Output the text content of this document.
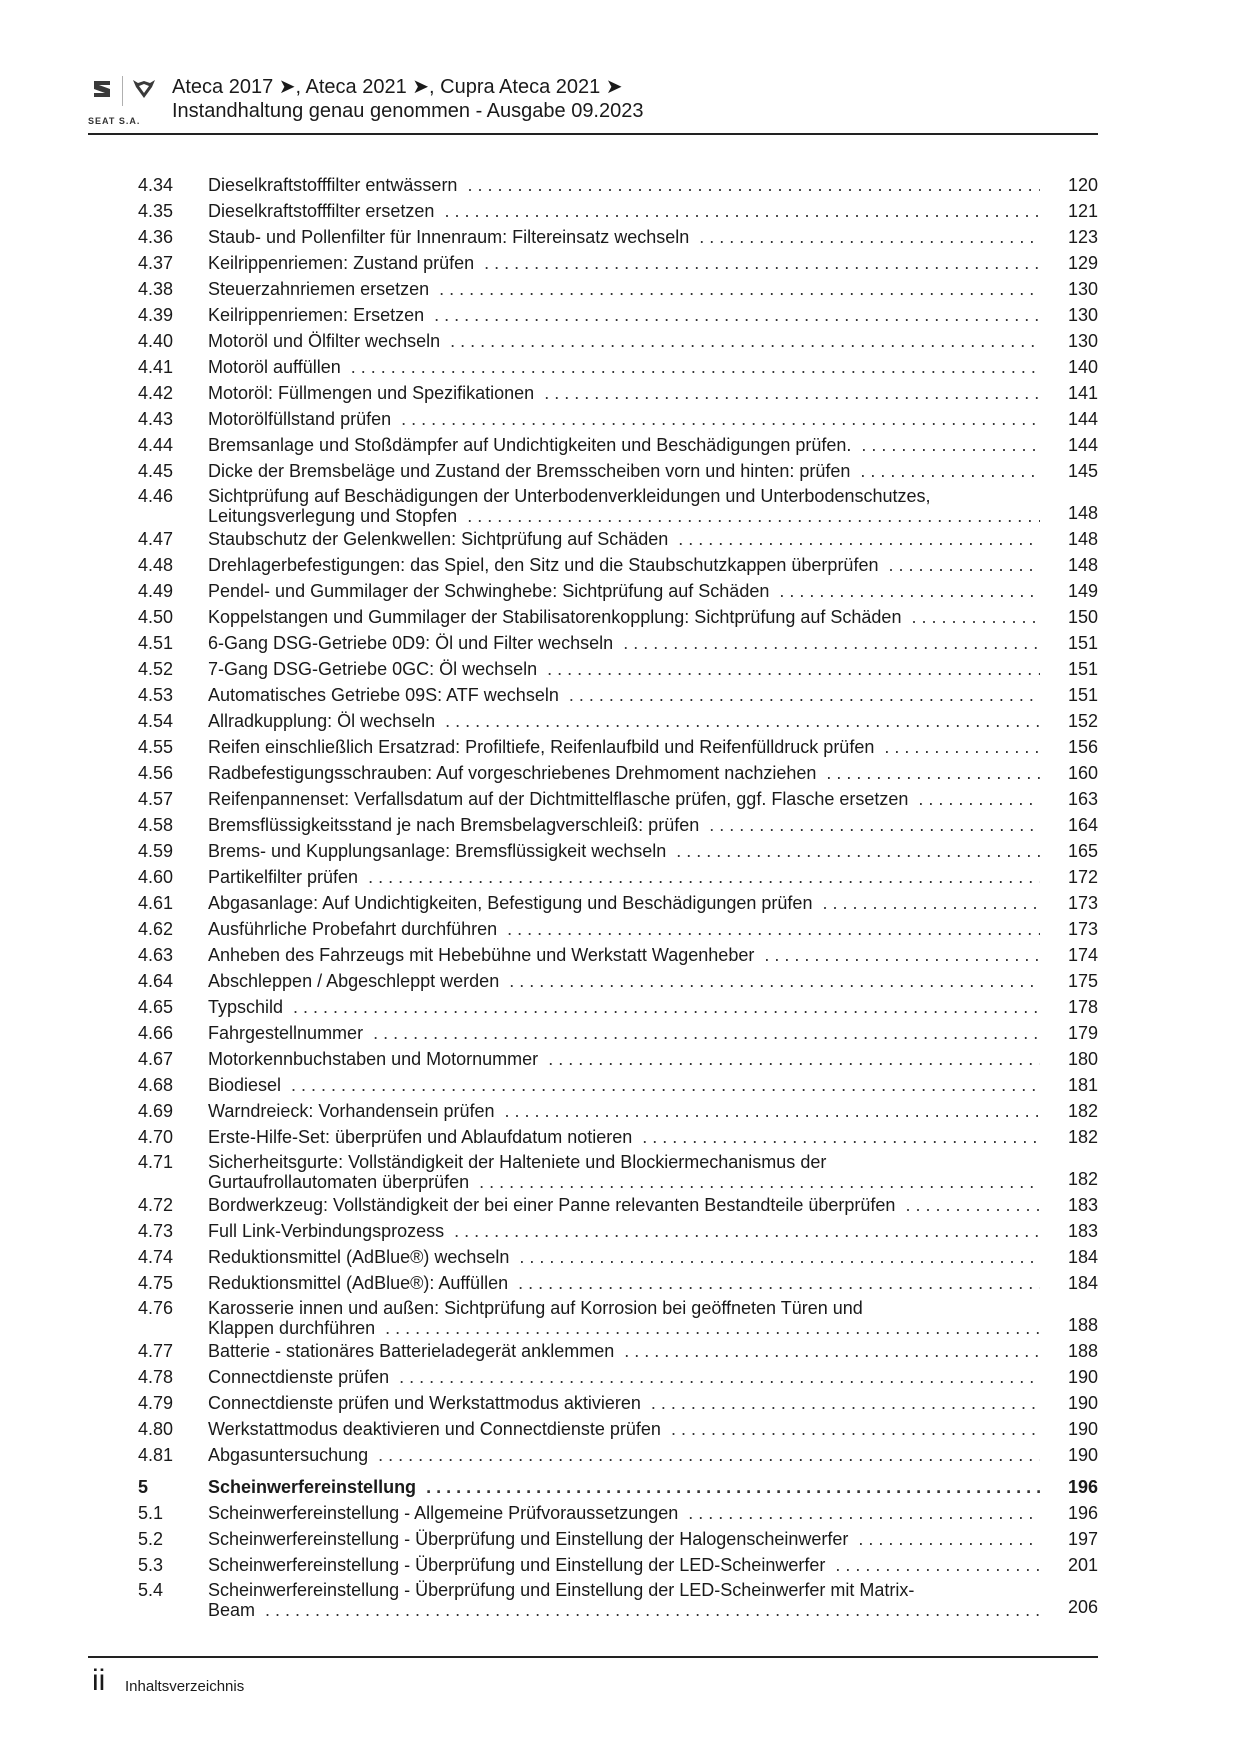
SEAT S.A.
Ateca 2017 ➤, Ateca 2021 ➤, Cupra Ateca 2021 ➤
Instandhaltung genau genommen - Ausgabe 09.2023
4.34	Dieselkraftstofffilter entwässern . . .	120
4.35	Dieselkraftstofffilter ersetzen . . .	121
4.36	Staub- und Pollenfilter für Innenraum: Filtereinsatz wechseln . . .	123
4.37	Keilrippenriemen: Zustand prüfen . . .	129
4.38	Steuerzahnriemen ersetzen . . .	130
4.39	Keilrippenriemen: Ersetzen . . .	130
4.40	Motoröl und Ölfilter wechseln . . .	130
4.41	Motoröl auffüllen . . .	140
4.42	Motoröl: Füllmengen und Spezifikationen . . .	141
4.43	Motorölfüllstand prüfen . . .	144
4.44	Bremsanlage und Stoßdämpfer auf Undichtigkeiten und Beschädigungen prüfen. . . .	144
4.45	Dicke der Bremsbeläge und Zustand der Bremsscheiben vorn und hinten: prüfen . . .	145
4.46	Sichtprüfung auf Beschädigungen der Unterbodenverkleidungen und Unterbodenschutzes,
Leitungsverlegung und Stopfen . . .	148
4.47	Staubschutz der Gelenkwellen: Sichtprüfung auf Schäden . . .	148
4.48	Drehlagerbefestigungen: das Spiel, den Sitz und die Staubschutzkappen überprüfen . . .	148
4.49	Pendel- und Gummilager der Schwinghebe: Sichtprüfung auf Schäden . . .	149
4.50	Koppelstangen und Gummilager der Stabilisatorenkopplung: Sichtprüfung auf Schäden . . .	150
4.51	6-Gang DSG-Getriebe 0D9: Öl und Filter wechseln . . .	151
4.52	7-Gang DSG-Getriebe 0GC: Öl wechseln . . .	151
4.53	Automatisches Getriebe 09S: ATF wechseln . . .	151
4.54	Allradkupplung: Öl wechseln . . .	152
4.55	Reifen einschließlich Ersatzrad: Profiltiefe, Reifenlaufbild und Reifenfülldruck prüfen . . .	156
4.56	Radbefestigungsschrauben: Auf vorgeschriebenes Drehmoment nachziehen . . .	160
4.57	Reifenpannenset: Verfallsdatum auf der Dichtmittelflasche prüfen, ggf. Flasche ersetzen . . .	163
4.58	Bremsflüssigkeitsstand je nach Bremsbelagverschleiß: prüfen . . .	164
4.59	Brems- und Kupplungsanlage: Bremsflüssigkeit wechseln . . .	165
4.60	Partikelfilter prüfen . . .	172
4.61	Abgasanlage: Auf Undichtigkeiten, Befestigung und Beschädigungen prüfen . . .	173
4.62	Ausführliche Probefahrt durchführen . . .	173
4.63	Anheben des Fahrzeugs mit Hebebühne und Werkstatt Wagenheber . . .	174
4.64	Abschleppen / Abgeschleppt werden . . .	175
4.65	Typschild . . .	178
4.66	Fahrgestellnummer . . .	179
4.67	Motorkennbuchstaben und Motornummer . . .	180
4.68	Biodiesel . . .	181
4.69	Warndreieck: Vorhandensein prüfen . . .	182
4.70	Erste-Hilfe-Set: überprüfen und Ablaufdatum notieren . . .	182
4.71	Sicherheitsgurte: Vollständigkeit der Halteniete und Blockiermechanismus der
Gurtaufrollautomaten überprüfen . . .	182
4.72	Bordwerkzeug: Vollständigkeit der bei einer Panne relevanten Bestandteile überprüfen . . .	183
4.73	Full Link-Verbindungsprozess . . .	183
4.74	Reduktionsmittel (AdBlue®) wechseln . . .	184
4.75	Reduktionsmittel (AdBlue®): Auffüllen . . .	184
4.76	Karosserie innen und außen: Sichtprüfung auf Korrosion bei geöffneten Türen und
Klappen durchführen . . .	188
4.77	Batterie - stationäres Batterieladegerät anklemmen . . .	188
4.78	Connectdienste prüfen . . .	190
4.79	Connectdienste prüfen und Werkstattmodus aktivieren . . .	190
4.80	Werkstattmodus deaktivieren und Connectdienste prüfen . . .	190
4.81	Abgasuntersuchung . . .	190
5	Scheinwerfereinstellung . . .	196
5.1	Scheinwerfereinstellung - Allgemeine Prüfvoraussetzungen . . .	196
5.2	Scheinwerfereinstellung - Überprüfung und Einstellung der Halogenscheinwerfer . . .	197
5.3	Scheinwerfereinstellung - Überprüfung und Einstellung der LED-Scheinwerfer . . .	201
5.4	Scheinwerfereinstellung - Überprüfung und Einstellung der LED-Scheinwerfer mit Matrix-
Beam . . .	206
ii Inhaltsverzeichnis
